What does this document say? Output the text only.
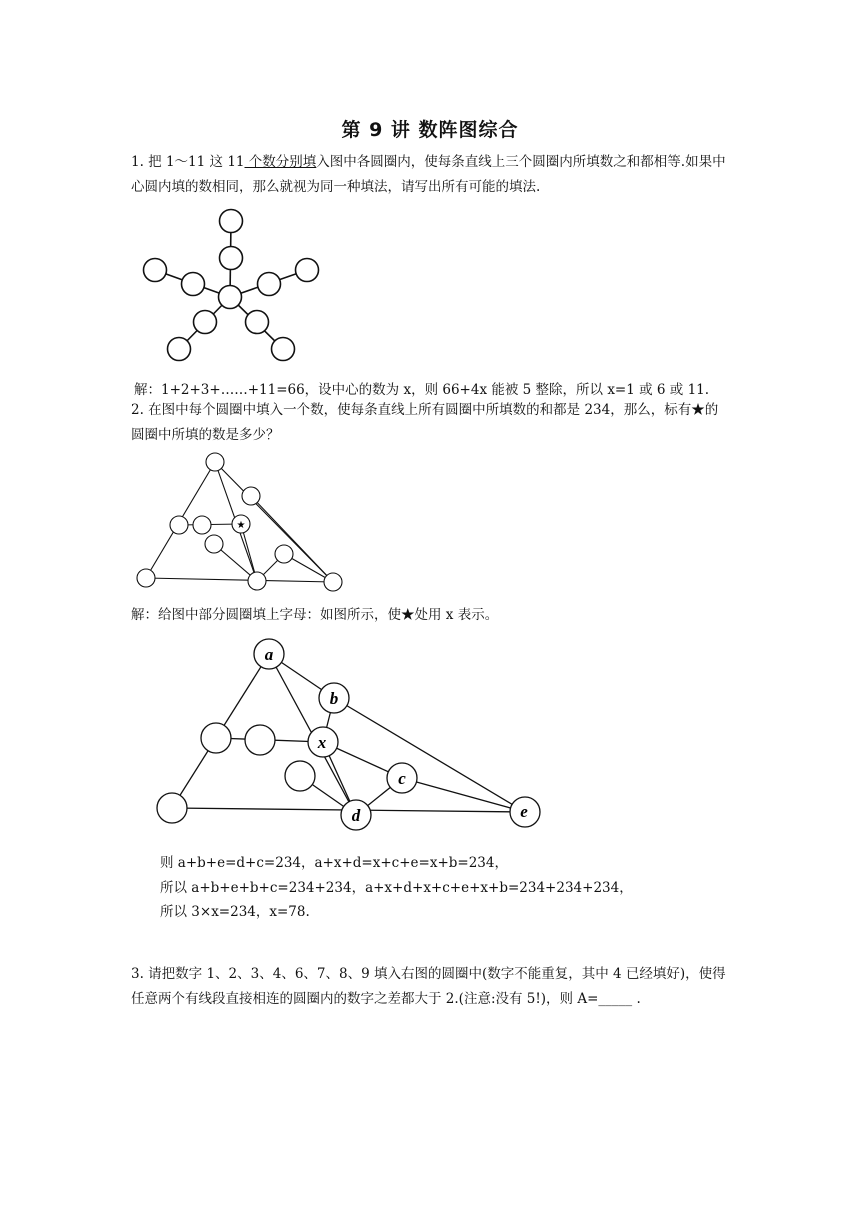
第 9 讲 数阵图综合
1. 把 1～11 这 11 个数分别填入图中各圆圈内，使每条直线上三个圆圈内所填数之和都相等.如果中心圆内填的数相同，那么就视为同一种填法，请写出所有可能的填法.
★
a
b
x
c
d	e
解：1+2+3+……+11=66，设中心的数为 x，则 66+4x 能被 5 整除，所以 x=1 或 6 或 11.
2. 在图中每个圆圈中填入一个数，使每条直线上所有圆圈中所填数的和都是 234，那么，标有★的圆圈中所填的数是多少？
解：给图中部分圆圈填上字母：如图所示，使★处用 x 表示。
则 a+b+e=d+c=234，a+x+d=x+c+e=x+b=234，
所以 a+b+e+b+c=234+234，a+x+d+x+c+e+x+b=234+234+234，
所以 3×x=234，x=78.
3. 请把数字 1、2、3、4、6、7、8、9 填入右图的圆圈中(数字不能重复，其中 4 已经填好)，使得任意两个有线段直接相连的圆圈内的数字之差都大于 2.(注意:没有 5!)，则 A=_____ .
